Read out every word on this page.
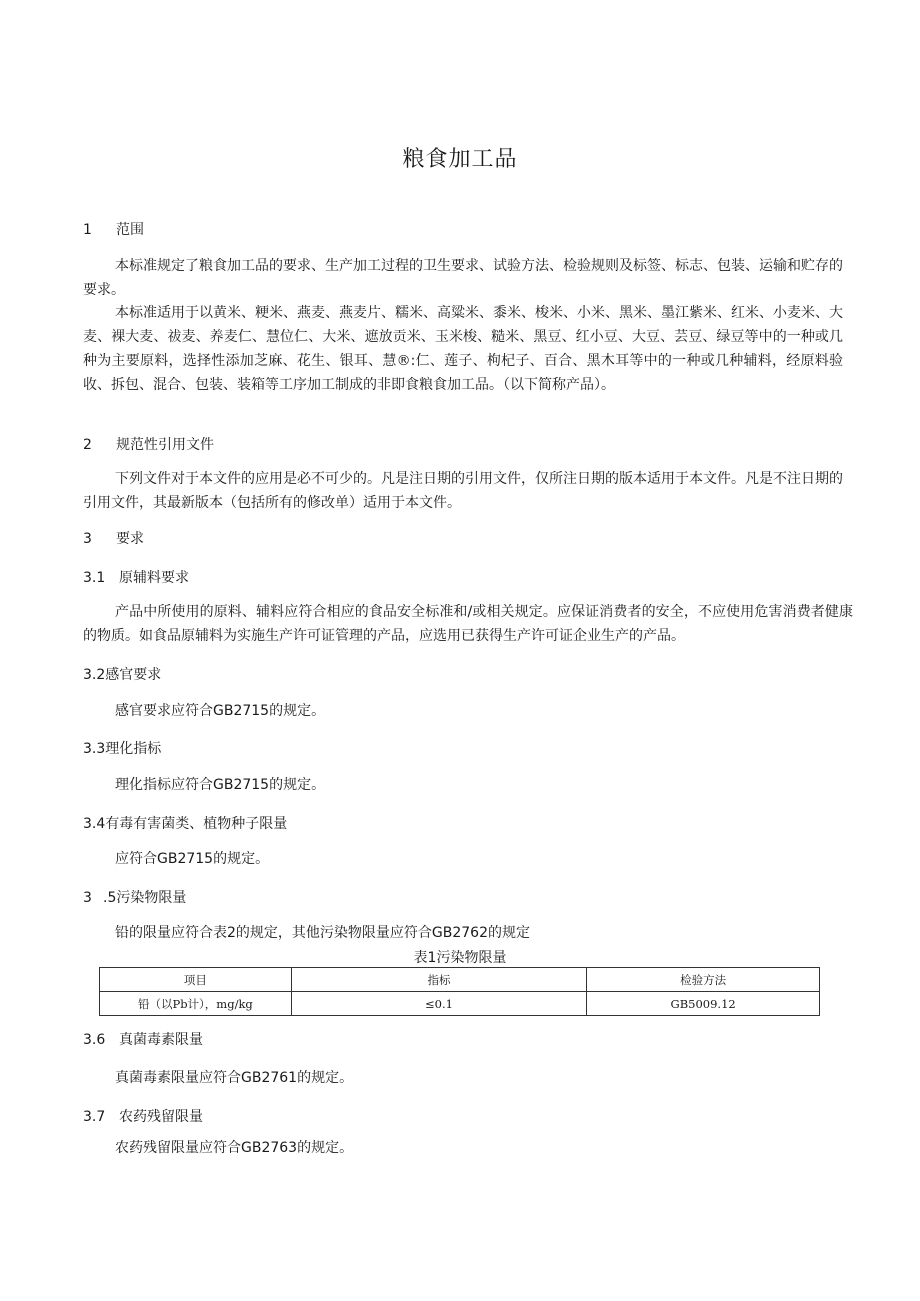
粮食加工品
1 范围
本标准规定了粮食加工品的要求、生产加工过程的卫生要求、试验方法、检验规则及标签、标志、包装、运输和贮存的要求。
本标准适用于以黄米、粳米、燕麦、燕麦片、糯米、高粱米、黍米、梭米、小米、黑米、墨江紫米、红米、小麦米、大麦、裸大麦、祓麦、养麦仁、慧位仁、大米、遮放贡米、玉米梭、糙米、黑豆、红小豆、大豆、芸豆、绿豆等中的一种或几种为主要原料，选择性添加芝麻、花生、银耳、慧®:仁、莲子、枸杞子、百合、黑木耳等中的一种或几种辅料，经原料验收、拆包、混合、包装、装箱等工序加工制成的非即食粮食加工品。（以下简称产品）。
2 规范性引用文件
下列文件对于本文件的应用是必不可少的。凡是注日期的引用文件，仅所注日期的版本适用于本文件。凡是不注日期的引用文件，其最新版本（包括所有的修改单）适用于本文件。
3 要求
3.1 原辅料要求
产品中所使用的原料、辅料应符合相应的食品安全标准和/或相关规定。应保证消费者的安全，不应使用危害消费者健康的物质。如食品原辅料为实施生产许可证管理的产品，应选用已获得生产许可证企业生产的产品。
3.2感官要求
感官要求应符合GB2715的规定。
3.3理化指标
理化指标应符合GB2715的规定。
3.4有毒有害菌类、植物种子限量
应符合GB2715的规定。
3 .5污染物限量
铅的限量应符合表2的规定，其他污染物限量应符合GB2762的规定
表1污染物限量
项目	指标	检验方法
铅（以Pb计），mg/kg	≤0.1	GB5009.12
3.6 真菌毒素限量
真菌毒素限量应符合GB2761的规定。
3.7 农药残留限量
农药残留限量应符合GB2763的规定。
